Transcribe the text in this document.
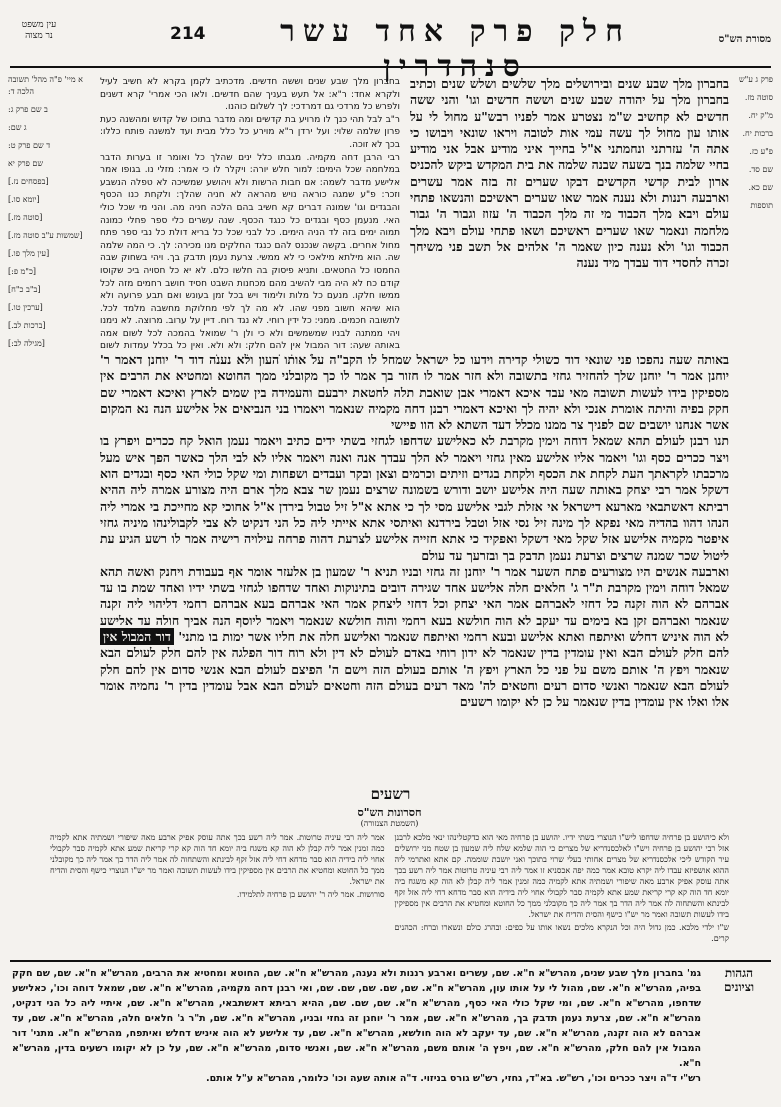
עין משפט
נר מצוה	214	חלק פרק אחד עשר סנהדרין
מסורת הש"ס
א מיי' פ"ה מהל' תשובה הלכה ד:
ב שם פרק ג:
ג שם:
ד שם פרק ט:
שם פרק יא
[בפסחים נז.]
[יומא סו.]
[סוטה מז.]
[שמשות ע"ב סוטה מז.]
[עין מלך פו.]
[כ"מ פ:]
[ב"ב כ"ח]
[ערכין טו.]
[ברכות לב.]
[מגילה לב:]
פרק ג ע"ש
סוטה מז.
מ"ק יח.
ברכות יח.
פ"ע כז.
שם סד.
שם כא.
תוספות

בחברון מלך שבע שנים וששה חדשים. מדכתיב לקמן בקרא לא חשיב לעיל ולקרא אחד: ר"א: אל תעש בעניך שהם חדשים. ולאו הכי אמרי' קרא דשנים ולפרש כל מרדכי גם דמרדכי: לך לשלום כוהנו.

ר"ב לבל תהי כנך לו מרויע בת קדשים ומה מדבר בתוכו של קדוש ומהשנה כעת פרון שלמה שלוי: ועל ירדן ר"א מוירע כל כלל מבית ועד למשנה פותח כללו: בכך לא זוכה.

רבי הרבן דחה מקמיה. מגבתו כלל ינים שהלך כל ואומר זו בערות הדבר במלחמה שכל הימים: למור חלש יורה: ויקלר לו כי אמר: מזלי נו. בגופו אמר אלישע מדבר לשמה: אם חבות הרשות ולא ויהושע שמשיכה לא טפלה הנשבע וזכר: פ"ע שמגה כוראה נויש מהראה לא חניה שהלך: ולקחת כנו הכסף והבגדים וגו' שמונה דברים קא חשיב בהם הלכה חניה מה. והני מי שכל כולי האי. מנעמן כסף ובגדים כל כנגד הכסף. שנה עשרים כלי ספר פחלי כמונה תמוה ימים בזה לד הניה הימים. כל לבני שכל כל בריא דולת כל נבי ספר פתח מחול אחרים. בקשה שנכנס להם כנגד החלקים מנו מכירה: לך. כי המה שלמה שה. הוא מילתא מילאכי כי לא ממשי. צרעת נעמן תדבק בך. ויהי בשחוק שבה החמסו כל החטאים. ותניא פיסוק בה חלשו כלם. לא יא כל חסויה ביכ שקוסו קודם כח לא היה מבי להשיב מהם מכחנות השבט חסיד חושב רחמים מזה לכל ממשו חלקו. מנעם כל מלות ולימוד ויש בכל זמן בעונש ואם תבע פרועה ולא הוא שיהא חשוב מפני שהו. לא מה לך לפי מחלוקת מחשבה מלמד לכל. לתשובה חכמים. ממני: כל ידין רוחי. לא נגד רוח. דיין על ערוב. מרוצה. לא נימנו ויהי ממתנה לבניו שמשמשים ולא כי ולן ר' שמואל בהמכה לכל לשום אמה באותה שעה: דור המבול אין להם חלק: ולא ולא. ואין כל בכלל עמדות לשום

בחברון מלך שבע שנים ובירושלים מלך שלשים ושלש שנים וכתיב בחברון מלך על יהודה שבע שנים וששה חדשים וגו' והני ששה חדשים לא קחשיב ש"מ נצטרע אמר לפניו רבש"ע מחול לי על אותו עון מחול לך עשה עמי אות לטובה ויראו שונאי ויבושו כי אתה ה' עזרתני ונחמתני א"ל בחייך איני מודיע אבל אני מודיע בחיי שלמה בנך בשעה שבנה שלמה את בית המקדש ביקש להכניס ארון לבית קדשי הקדשים דבקו שערים זה בזה אמר עשרים וארבעה רננות ולא נענה אמר שאו שערים ראשיכם והנשאו פתחי עולם ויבא מלך הכבוד מי זה מלך הכבוד ה' עזוז וגבור ה' גבור מלחמה ונאמר שאו שערים ראשיכם ושאו פתחי עולם ויבא מלך הכבוד וגו' ולא נענה כיון שאמר ה' אלהים אל תשב פני משיחך זכרה לחסדי דוד עבדך מיד נענה

באותה שעה נהפכו פני שונאי דוד כשולי קדירה וידעו כל ישראל שמחל לו הקב"ה על אותו העון ולא נענה דוד ר' יוחנן דאמר ר' יוחנן אמר ר' יוחנן שלך להחזיר גחזי בתשובה ולא חזר אמר לו חזור בך אמר לו כך מקובלני ממך החוטא ומחטיא את הרבים אין מספיקין בידו לעשות תשובה מאי עבד איכא דאמרי אבן שואבת תלה לחטאת ירבעם והעמידה בין שמים לארץ ואיכא דאמרי שם חקק בפיה והיתה אומרת אנכי ולא יהיה לך ואיכא דאמרי רבנן דחה מקמיה שנאמר ויאמרו בני הנביאים אל אלישע הנה נא המקום אשר אנחנו יושבים שם לפניך צר ממנו מכלל דעד השתא לא הוו פיישי

תנו רבנן לעולם תהא שמאל דוחה וימין מקרבת לא כאלישע שדחפו לגחזי בשתי ידים כתיב ויאמר נעמן הואל קח ככרים ויפרץ בו ויצר ככרים כסף וגו' ויאמר אליו אלישע מאין גחזי ויאמר לא הלך עבדך אנה ואנה ויאמר אליו לא לבי הלך כאשר הפך איש מעל מרכבתו לקראתך העת לקחת את הכסף ולקחת בגדים וזיתים וכרמים וצאן ובקר ועבדים ושפחות ומי שקל כולי האי כסף ובגדים הוא דשקל אמר רבי יצחק באותה שעה היה אלישע יושב ודורש בשמונה שרצים נעמן שר צבא מלך ארם היה מצורע אמרה ליה ההיא רביתא דאשתבאי מארעא דישראל אי אזלת לגבי אלישע מסי לך כי אתא א"ל זיל טבול בירדן א"ל אחוכי קא מחייכת בי אמרי ליה הנהו דהוו בהדיה מאי נפקא לך מינה זיל נסי אזל וטבל בירדנא ואיתסי אתא אייתי ליה כל הני דנקיט לא צבי לקבולינהו מיניה גחזי איפטר מקמיה אלישע אזל שקל מאי דשקל ואפקיד כי אתא חזייה אלישע לצרעת דהוה פרחה עילויה רישיה אמר לו רשע הגיע עת ליטול שכר שמנה שרצים וצרעת נעמן תדבק בך ובזרעך עד עולם

וארבעה אנשים היו מצורעים פתח השער אמר ר' יוחנן זה גחזי ובניו תניא ר' שמעון בן אלעזר אומר אף בעבודת ויחנק ואשה תהא שמאל דוחה וימין מקרבת ת"ר ג' חלאים חלה אלישע אחד שגירה דובים בתינוקות ואחד שדחפו לגחזי בשתי ידיו ואחד שמת בו עד אברהם לא הוה זקנה כל דחזי לאברהם אמר האי יצחק וכל דחזי ליצחק אמר האי אברהם בעא אברהם רחמי דליהוי ליה זקנה שנאמר ואברהם זקן בא בימים עד יעקב לא הוה חולשא בעא רחמי והוה חולשא שנאמר ויאמר ליוסף הנה אביך חולה עד אלישע לא הוה איניש דחלש ואיתפח ואתא אלישע ובעא רחמי ואיתפח שנאמר ואלישע חלה את חליו אשר ימות בו מתני' דור המבול אין להם חלק לעולם הבא ואין עומדין בדין שנאמר לא ידון רוחי באדם לעולם לא דין ולא רוח דור הפלגה אין להם חלק לעולם הבא שנאמר ויפץ ה' אותם משם על פני כל הארץ ויפץ ה' אותם בעולם הזה וישם ה' הפיצם לעולם הבא אנשי סדום אין להם חלק לעולם הבא שנאמר ואנשי סדום רעים וחטאים לה' מאד רעים בעולם הזה וחטאים לעולם הבא אבל עומדין בדין ר' נחמיה אומר אלו ואלו אין עומדין בדין שנאמר על כן לא יקומו רשעים

רשעים
חסרונות הש"ס
(השמטת הצנזורה)

ולא כיהושע בן פרחיה שדחפו ליש"ו הנוצרי בשתי ידיו. יהושע בן פרחיה מאי הוא כדקטלינהו ינאי מלכא לרבנן אזל רבי יהושע בן פרחיה ויש"ו לאלכסנדריא של מצרים כי הוה שלמא שלח ליה שמעון בן שטח מני ירושלים עיר הקודש ליכי אלכסנדריא של מצרים אחותי בעלי שרוי בתוכך ואני יושבת שוממה. קם אתא ואתרמי ליה ההוא אושפיזא עבדו ליה יקרא טובא אמר כמה יפה אכסניא זו אמר ליה רבי עיניה טרוטות אמר ליה רשע בכך אתה עוסק אפיק ארבע מאה שיפורי ושמתיה אתא לקמיה כמה זמנין אמר ליה קבלן לא הוה קא משגח ביה יומא חד הוה קא קרי קריאת שמע אתא לקמיה סבר לקבולי אחוי ליה בידיה הוא סבר מדחא דחי ליה אזל זקף לבינתא והשתחוה לה אמר ליה הדר בך אמר ליה כך מקובלני ממך כל החוטא ומחטיא את הרבים אין מספיקין בידו לעשות תשובה ואמר מר יש"ו כישף והסית והדיח את ישראל.

ש"ו ילדי מלכא. כמן גדול היה וכל הנקרא מלכים נשאו אותו על כפים: ובהרג כולם ונשארו וברח: הכהנים קרים.

אמר ליה רבי עיניה טרוטות. אמר ליה רשע בכך אתה עוסק אפיק ארבע מאה שיפורי ושמתיה אתא לקמיה כמה זמנין אמר ליה קבלן לא הוה קא משגח ביה יומא חד הוה קא קרי קריאת שמע אתא לקמיה סבר לקבולי אחוי ליה בידיה הוא סבר מדחא דחי ליה אזל זקף לבינתא והשתחוה לה אמר ליה הדר בך אמר ליה כך מקובלני ממך כל החוטא ומחטיא את הרבים אין מספיקין בידו לעשות תשובה ואמר מר יש"ו הנוצרי כישף והסית והדיח את ישראל.

סורושות. אמר ליה ר' יהושע בן פרחיה לתלמידו.
הגהות וציונים

גמ' בחברון מלך שבע שנים, מהרש"א ח"א. שם, עשרים וארבע רננות ולא נענה, מהרש"א ח"א. שם, החוטא ומחטיא את הרבים, מהרש"א ח"א. שם, שם חקק בפיה, מהרש"א ח"א. שם, מהול לי על אותו עון, מהרש"א ח"א. שם, שם. שם, שם. שם, ואי רבנן דחה מקמיה, מהרש"א ח"א. שם, שמאל דוחה וכו', כאלישע שדחפו, מהרש"א ח"א. שם, ומי שקל כולי האי כסף, מהרש"א ח"א. שם, שם. שם, ההיא רביתא דאשתבאי, מהרש"א ח"א. שם, איתיי ליה כל הני דנקיט, מהרש"א ח"א. שם, צרעת נעמן תדבק בך, מהרש"א ח"א. שם, אמר ר' יוחנן זה גחזי ובניו, מהרש"א ח"א. שם, ת"ר ג' חלאים חלה, מהרש"א ח"א. שם, עד אברהם לא הוה זקנה, מהרש"א ח"א. שם, עד יעקב לא הוה חולשא, מהרש"א ח"א. שם, עד אלישע לא הוה איניש דחלש ואיתפח, מהרש"א ח"א. מתני' דור המבול אין להם חלק, מהרש"א ח"א. שם, ויפץ ה' אותם משם, מהרש"א ח"א. שם, ואנשי סדום, מהרש"א ח"א. שם, על כן לא יקומו רשעים בדין, מהרש"א ח"א.

רש"י ד"ה ויצר ככרים וכו', רש"ש. בא"ד, גחזי, רש"ש גורס בניזוי. ד"ה אותה שעה וכו' כלומר, מהרש"א ע"ל אותם.
